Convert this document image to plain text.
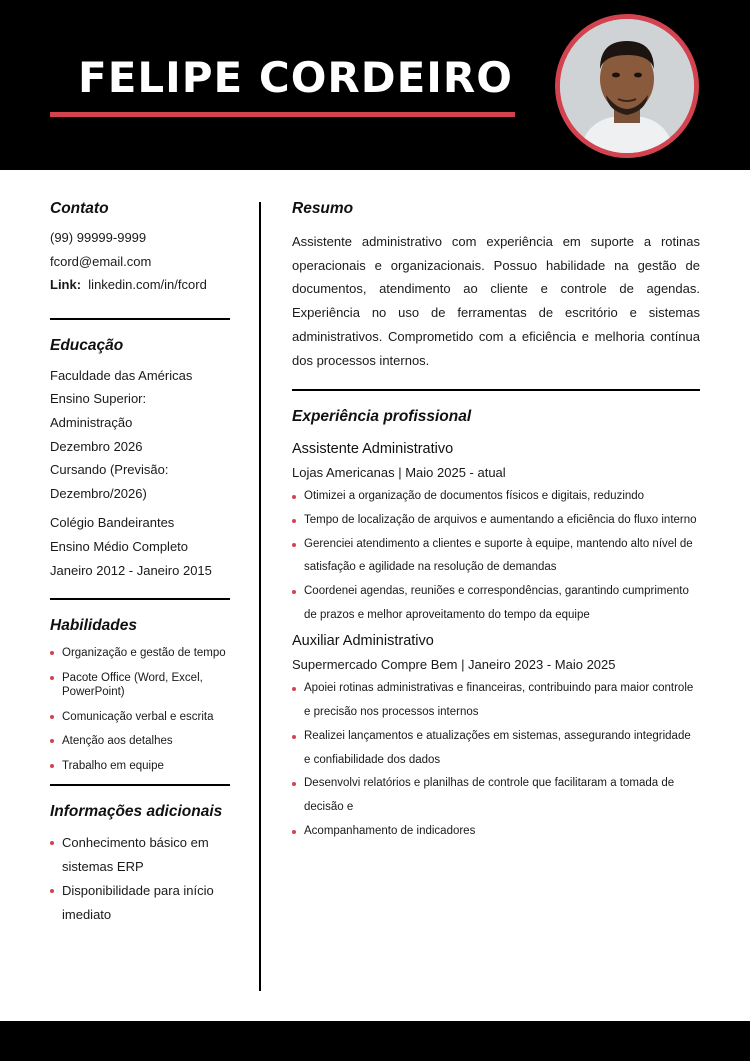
FELIPE CORDEIRO
Contato
(99) 99999-9999
fcord@email.com
Link: linkedin.com/in/fcord
Educação
Faculdade das Américas
Ensino Superior:
Administração
Dezembro 2026
Cursando (Previsão:
Dezembro/2026)
Colégio Bandeirantes
Ensino Médio Completo
Janeiro 2012 - Janeiro 2015
Habilidades
Organização e gestão de tempo
Pacote Office (Word, Excel, PowerPoint)
Comunicação verbal e escrita
Atenção aos detalhes
Trabalho em equipe
Informações adicionais
Conhecimento básico em sistemas ERP
Disponibilidade para início imediato
Resumo
Assistente administrativo com experiência em suporte a rotinas operacionais e organizacionais. Possuo habilidade na gestão de documentos, atendimento ao cliente e controle de agendas. Experiência no uso de ferramentas de escritório e sistemas administrativos. Comprometido com a eficiência e melhoria contínua dos processos internos.
Experiência profissional
Assistente Administrativo
Lojas Americanas | Maio 2025 - atual
Otimizei a organização de documentos físicos e digitais, reduzindo
Tempo de localização de arquivos e aumentando a eficiência do fluxo interno
Gerenciei atendimento a clientes e suporte à equipe, mantendo alto nível de satisfação e agilidade na resolução de demandas
Coordenei agendas, reuniões e correspondências, garantindo cumprimento de prazos e melhor aproveitamento do tempo da equipe
Auxiliar Administrativo
Supermercado Compre Bem | Janeiro 2023 - Maio 2025
Apoiei rotinas administrativas e financeiras, contribuindo para maior controle e precisão nos processos internos
Realizei lançamentos e atualizações em sistemas, assegurando integridade e confiabilidade dos dados
Desenvolvi relatórios e planilhas de controle que facilitaram a tomada de decisão e
Acompanhamento de indicadores
